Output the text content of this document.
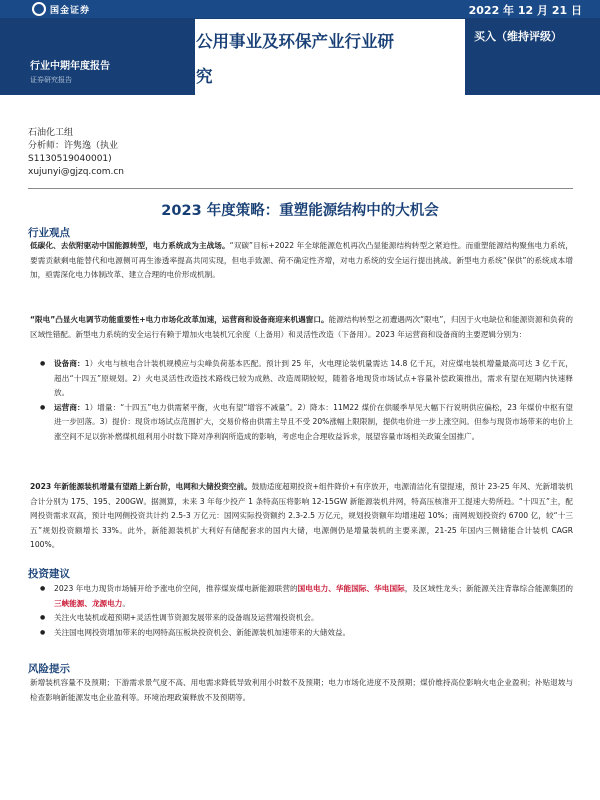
国金证券	2022 年 12 月 21 日
行业中期年度报告
证券研究报告
公用事业及环保产业行业研
究
买入（维持评级）
石油化工组
分析师：许隽逸（执业
S1130519040001)
xujunyi@gjzq.com.cn
2023 年度策略：重塑能源结构中的大机会
行业观点
低碳化、去依附驱动中国能源转型，电力系统成为主战场。“双碳”目标+2022 年全球能源危机再次凸显能源结构转型之紧迫性。而重塑能源结构聚焦电力系统，要需贡献剩电能替代和电源侧可再生渗透率提高共同实现，但电手致源、荷不确定性齐增，对电力系统的安全运行提出挑战。新型电力系统“保供”的系统成本增加，亟需深化电力体制改革、建立合理的电价形成机制。
“限电”凸显火电调节功能重要性+电力市场化改革加速，运营商和设备商迎来机遇窗口。能源结构转型之初遭遇两次“限电”，归因于火电缺位和能源资源和负荷的区域性错配。新型电力系统的安全运行有赖于增加火电装机冗余度（上备用）和灵活性改造（下备用）。2023 年运营商和设备商的主要逻辑分别为：
● 设备商：1）火电与核电合计装机规模应与尖峰负荷基本匹配。预计到 25 年，火电理论装机量需达 14.8 亿千瓦，对应煤电装机增量最高可达 3 亿千瓦，超出“十四五”原规划。2）火电灵活性改造技术路线已较为成熟、改造周期较短，随着各地现货市场试点+容量补偿政策推出，需求有望在短期内快速释放。
● 运营商：1）增量：“十四五”电力供需紧平衡，火电有望“增容不减量”。2）降本：11M22 煤价在供暖季旱见大幅下行说明供应偏松，23 年煤价中枢有望进一步回落。3）提价：现货市场试点范围扩大，交易价格由供需主导且不受 20%涨幅上限限制，提供电价进一步上涨空间。但参与现货市场带来的电价上涨空间不足以弥补燃煤机组利用小时数下降对净利润所造成的影响，考虑电企合理收益诉求，展望容量市场相关政策全国推广。
2023 年新能源装机增量有望踏上新台阶，电网和大储投资空前。鼓励适度超期投资+组件降价+有序放开，电源清洁化有望提速，预计 23-25 年风、光新增装机合计分别为 175、195、200GW。据测算，未来 3 年每少投产 1 条特高压将影响 12-15GW 新能源装机并网，特高压核准开工提速大势所趋。“十四五”主，配网投资需求双高，预计电网侧投资共计约 2.5-3 万亿元：国网实际投资额约 2.3-2.5 万亿元，规划投资额年均增速超 10%；南网规划投资约 6700 亿，较“十三五”规划投资额增长 33%。此外，新能源装机扩大利好有储配套求的国内大储，电源侧仍是增量装机的主要来源，21-25 年国内三侧储能合计装机 CAGR 100%。
投资建议
● 2023 年电力现货市场铺开给予涨电价空间，推荐煤炭煤电新能源联营的国电电力、华能国际、华电国际，及区域性龙头；新能源关注背靠综合能源集团的三峡能源、龙源电力。
● 关注火电装机或超预期+灵活性调节资源发展带来的设备端及运营端投资机会。
● 关注国电网投资增加带来的电网特高压板块投资机会、新能源装机加速带来的大储效益。
风险提示
新增装机容量不及预期；下游需求景气度不高、用电需求降低导致利用小时数不及预期；电力市场化进度不及预期；煤价维持高位影响火电企业盈利；补贴退坡与检查影响新能源发电企业盈利等。环境治理政策释放不及预期等。
